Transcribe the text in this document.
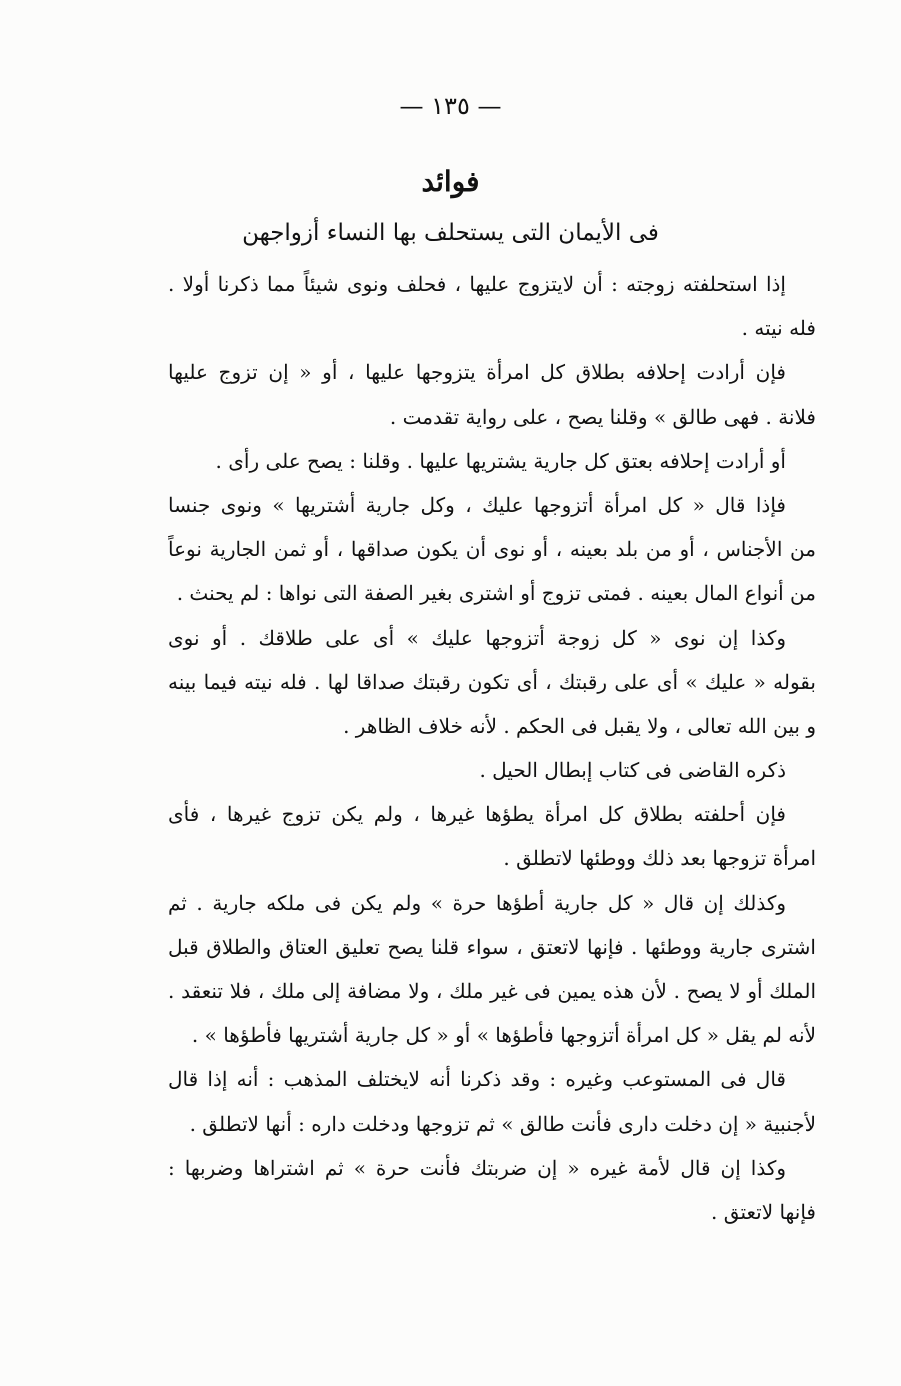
— ١٣٥ —
فوائد
فى الأيمان التى يستحلف بها النساء أزواجهن
إذا استحلفته زوجته : أن لايتزوج عليها ، فحلف ونوى شيئاً مما ذكرنا أولا .
فله نيته .
فإن أرادت إحلافه بطلاق كل امرأة يتزوجها عليها ، أو « إن تزوج عليها
فلانة . فهى طالق » وقلنا يصح ، على رواية تقدمت .
أو أرادت إحلافه بعتق كل جارية يشتريها عليها . وقلنا : يصح على رأى .
فإذا قال « كل امرأة أتزوجها عليك ، وكل جارية أشتريها » ونوى جنسا
من الأجناس ، أو من بلد بعينه ، أو نوى أن يكون صداقها ، أو ثمن الجارية نوعاً
من أنواع المال بعينه . فمتى تزوج أو اشترى بغير الصفة التى نواها : لم يحنث .
وكذا إن نوى « كل زوجة أتزوجها عليك » أى على طلاقك . أو نوى
بقوله « عليك » أى على رقبتك ، أى تكون رقبتك صداقا لها . فله نيته فيما بينه
و بين الله تعالى ، ولا يقبل فى الحكم . لأنه خلاف الظاهر .
ذكره القاضى فى كتاب إبطال الحيل .
فإن أحلفته بطلاق كل امرأة يطؤها غيرها ، ولم يكن تزوج غيرها ، فأى
امرأة تزوجها بعد ذلك ووطئها لاتطلق .
وكذلك إن قال « كل جارية أطؤها حرة » ولم يكن فى ملكه جارية . ثم
اشترى جارية ووطئها . فإنها لاتعتق ، سواء قلنا يصح تعليق العتاق والطلاق قبل
الملك أو لا يصح . لأن هذه يمين فى غير ملك ، ولا مضافة إلى ملك ، فلا تنعقد .
لأنه لم يقل « كل امرأة أتزوجها فأطؤها » أو « كل جارية أشتريها فأطؤها » .
قال فى المستوعب وغيره : وقد ذكرنا أنه لايختلف المذهب : أنه إذا قال
لأجنبية « إن دخلت دارى فأنت طالق » ثم تزوجها ودخلت داره : أنها لاتطلق .
وكذا إن قال لأمة غيره « إن ضربتك فأنت حرة » ثم اشتراها وضربها :
فإنها لاتعتق .
